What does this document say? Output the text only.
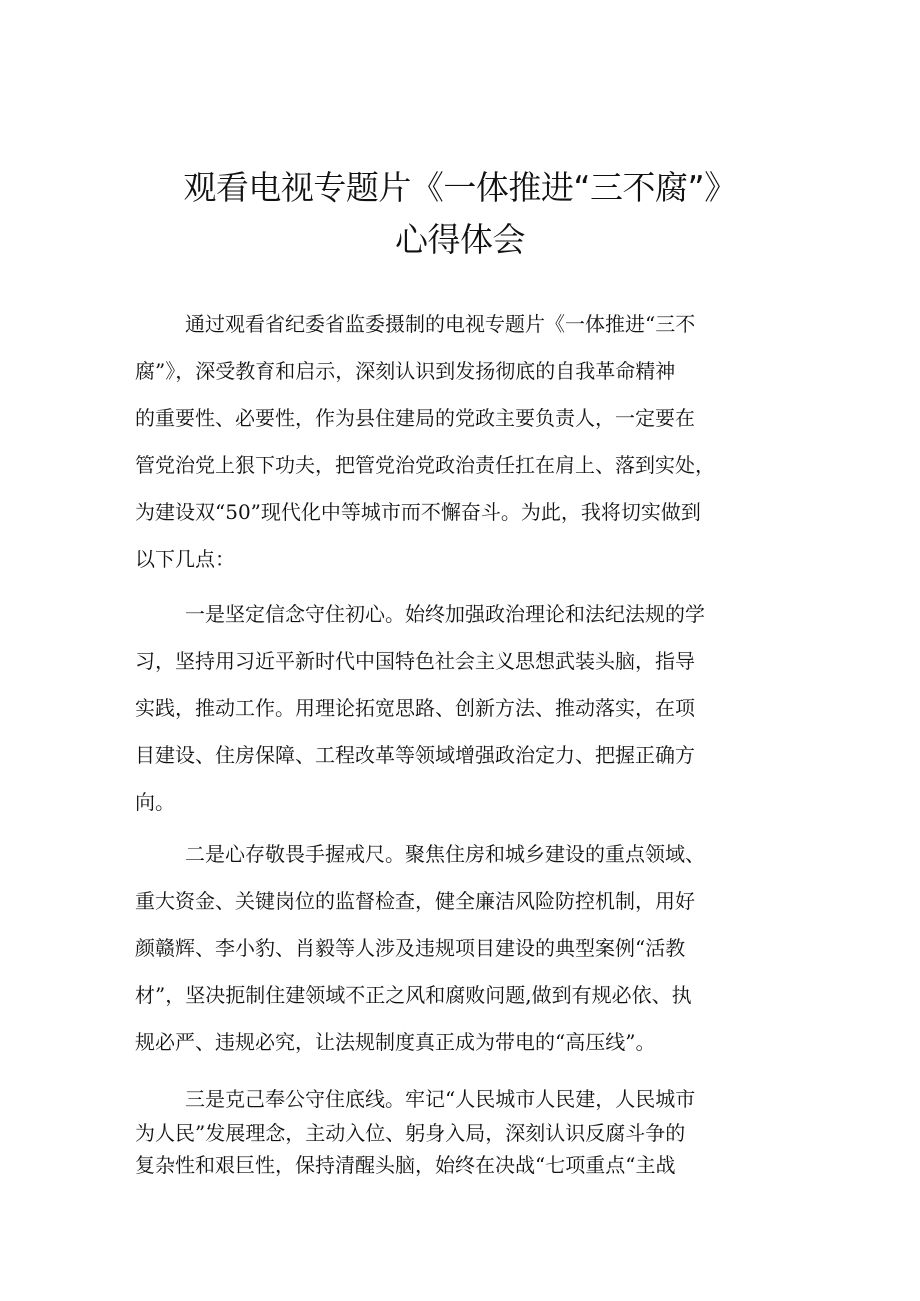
观看电视专题片《一体推进“三不腐”》
心得体会
通过观看省纪委省监委摄制的电视专题片《一体推进“三不
腐”》，深受教育和启示，深刻认识到发扬彻底的自我革命精神
的重要性、必要性，作为县住建局的党政主要负责人，一定要在
管党治党上狠下功夫，把管党治党政治责任扛在肩上、落到实处，
为建设双“50”现代化中等城市而不懈奋斗。为此，我将切实做到
以下几点：
一是坚定信念守住初心。始终加强政治理论和法纪法规的学
习，坚持用习近平新时代中国特色社会主义思想武装头脑，指导
实践，推动工作。用理论拓宽思路、创新方法、推动落实，在项
目建设、住房保障、工程改革等领域增强政治定力、把握正确方
向。
二是心存敬畏手握戒尺。聚焦住房和城乡建设的重点领域、
重大资金、关键岗位的监督检查，健全廉洁风险防控机制，用好
颜赣辉、李小豹、肖毅等人涉及违规项目建设的典型案例“活教
材”，坚决扼制住建领域不正之风和腐败问题,做到有规必依、执
规必严、违规必究，让法规制度真正成为带电的“高压线”。
三是克己奉公守住底线。牢记“人民城市人民建，人民城市
为人民”发展理念，主动入位、躬身入局，深刻认识反腐斗争的
复杂性和艰巨性，保持清醒头脑，始终在决战“七项重点“主战
